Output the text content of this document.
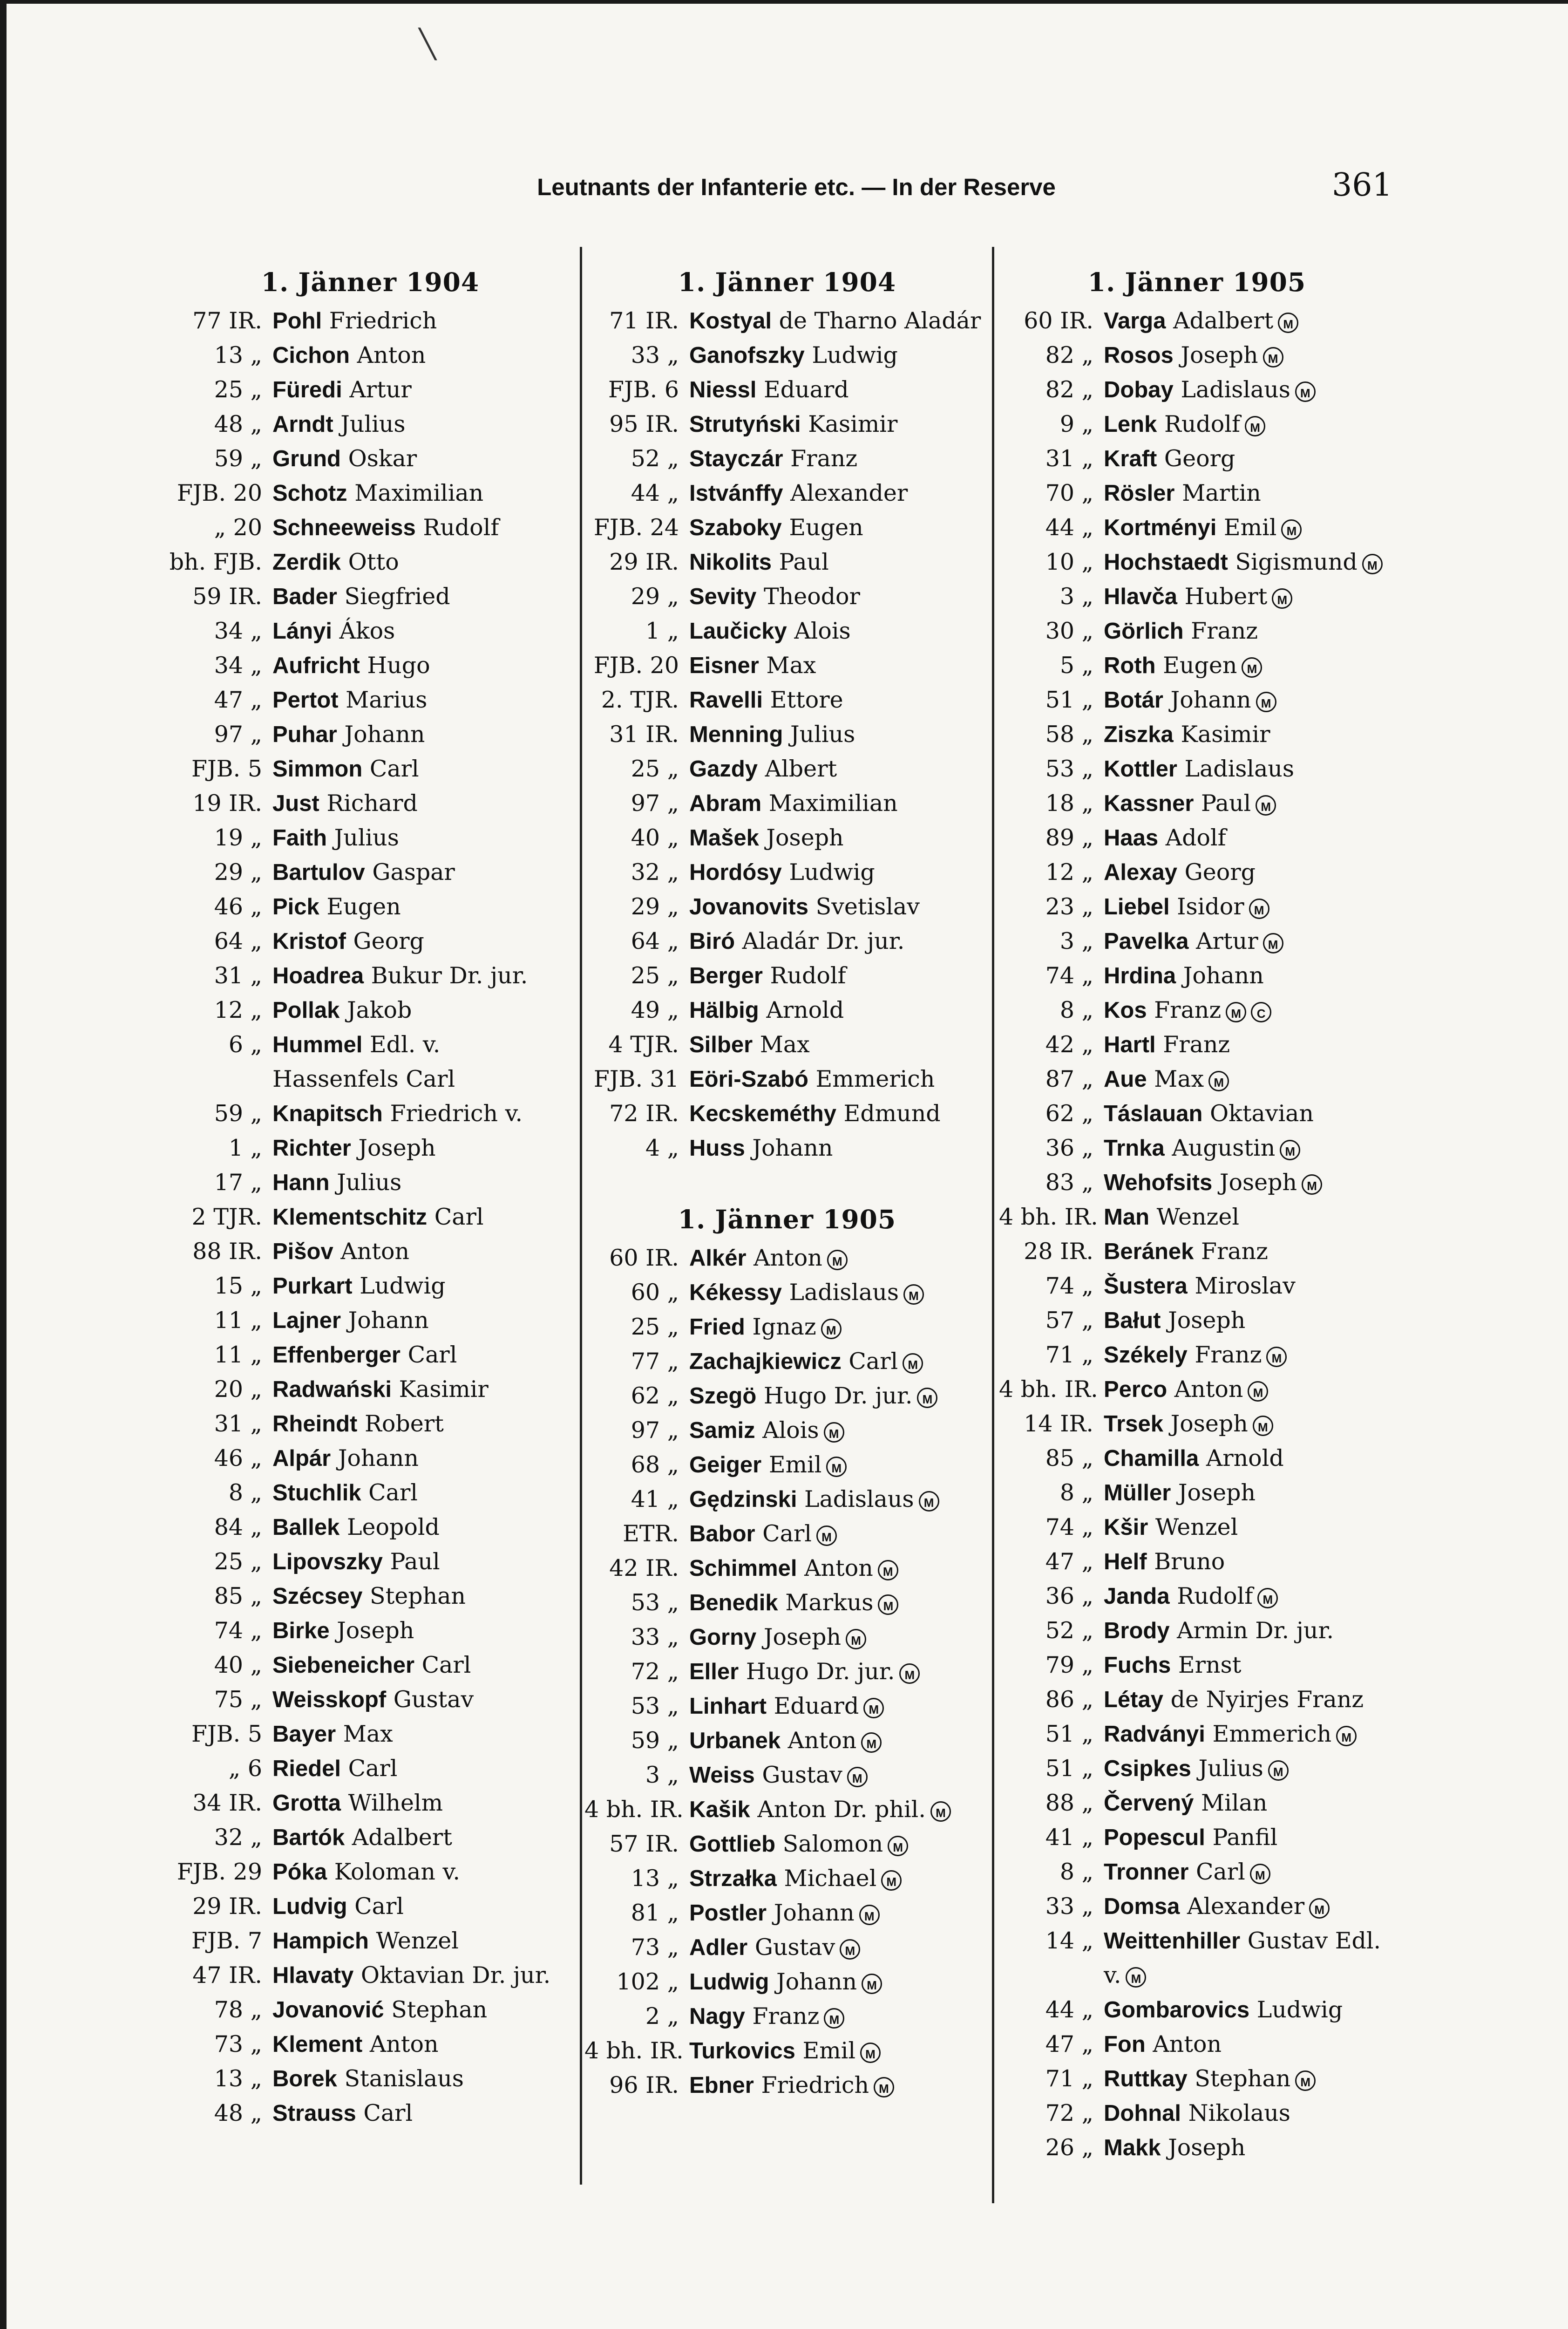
╲
Leutnants der Infanterie etc. — In der Reserve	361
1. Jänner 1904
77 IR. Pohl Friedrich
13 „ Cichon Anton
25 „ Füredi Artur
48 „ Arndt Julius
59 „ Grund Oskar
FJB. 20 Schotz Maximilian
„ 20 Schneeweiss Rudolf
bh. FJB. Zerdik Otto
59 IR. Bader Siegfried
34 „ Lányi Ákos
34 „ Aufricht Hugo
47 „ Pertot Marius
97 „ Puhar Johann
FJB. 5 Simmon Carl
19 IR. Just Richard
19 „ Faith Julius
29 „ Bartulov Gaspar
46 „ Pick Eugen
64 „ Kristof Georg
31 „ Hoadrea Bukur Dr. jur.
12 „ Pollak Jakob
6 „ Hummel Edl. v. Hassenfels Carl
59 „ Knapitsch Friedrich v.
1 „ Richter Joseph
17 „ Hann Julius
2 TJR. Klementschitz Carl
88 IR. Pišov Anton
15 „ Purkart Ludwig
11 „ Lajner Johann
11 „ Effenberger Carl
20 „ Radwański Kasimir
31 „ Rheindt Robert
46 „ Alpár Johann
8 „ Stuchlik Carl
84 „ Ballek Leopold
25 „ Lipovszky Paul
85 „ Szécsey Stephan
74 „ Birke Joseph
40 „ Siebeneicher Carl
75 „ Weisskopf Gustav
FJB. 5 Bayer Max
„ 6 Riedel Carl
34 IR. Grotta Wilhelm
32 „ Bartók Adalbert
FJB. 29 Póka Koloman v.
29 IR. Ludvig Carl
FJB. 7 Hampich Wenzel
47 IR. Hlavaty Oktavian Dr. jur.
78 „ Jovanović Stephan
73 „ Klement Anton
13 „ Borek Stanislaus
48 „ Strauss Carl
1. Jänner 1904
71 IR. Kostyal de Tharno Aladár
33 „ Ganofszky Ludwig
FJB. 6 Niessl Eduard
95 IR. Strutyński Kasimir
52 „ Stayczár Franz
44 „ Istvánffy Alexander
FJB. 24 Szaboky Eugen
29 IR. Nikolits Paul
29 „ Sevity Theodor
1 „ Laučicky Alois
FJB. 20 Eisner Max
2. TJR. Ravelli Ettore
31 IR. Menning Julius
25 „ Gazdy Albert
97 „ Abram Maximilian
40 „ Mašek Joseph
32 „ Hordósy Ludwig
29 „ Jovanovits Svetislav
64 „ Biró Aladár Dr. jur.
25 „ Berger Rudolf
49 „ Hälbig Arnold
4 TJR. Silber Max
FJB. 31 Eöri-Szabó Emmerich
72 IR. Kecskeméthy Edmund
4 „ Huss Johann
1. Jänner 1905
60 IR. Alkér Anton M
60 „ Kékessy Ladislaus M
25 „ Fried Ignaz M
77 „ Zachajkiewicz Carl M
62 „ Szegö Hugo Dr. jur. M
97 „ Samiz Alois M
68 „ Geiger Emil M
41 „ Gędzinski Ladislaus M
ETR. Babor Carl M
42 IR. Schimmel Anton M
53 „ Benedik Markus M
33 „ Gorny Joseph M
72 „ Eller Hugo Dr. jur. M
53 „ Linhart Eduard M
59 „ Urbanek Anton M
3 „ Weiss Gustav M
4 bh. IR. Kašik Anton Dr. phil. M
57 IR. Gottlieb Salomon M
13 „ Strzałka Michael M
81 „ Postler Johann M
73 „ Adler Gustav M
102 „ Ludwig Johann M
2 „ Nagy Franz M
4 bh. IR. Turkovics Emil M
96 IR. Ebner Friedrich M
1. Jänner 1905
60 IR. Varga Adalbert M
82 „ Rosos Joseph M
82 „ Dobay Ladislaus M
9 „ Lenk Rudolf M
31 „ Kraft Georg
70 „ Rösler Martin
44 „ Kortményi Emil M
10 „ Hochstaedt Sigismund M
3 „ Hlavča Hubert M
30 „ Görlich Franz
5 „ Roth Eugen M
51 „ Botár Johann M
58 „ Ziszka Kasimir
53 „ Kottler Ladislaus
18 „ Kassner Paul M
89 „ Haas Adolf
12 „ Alexay Georg
23 „ Liebel Isidor M
3 „ Pavelka Artur M
74 „ Hrdina Johann
8 „ Kos Franz M C
42 „ Hartl Franz
87 „ Aue Max M
62 „ Táslauan Oktavian
36 „ Trnka Augustin M
83 „ Wehofsits Joseph M
4 bh. IR. Man Wenzel
28 IR. Beránek Franz
74 „ Šustera Miroslav
57 „ Bałut Joseph
71 „ Székely Franz M
4 bh. IR. Perco Anton M
14 IR. Trsek Joseph M
85 „ Chamilla Arnold
8 „ Müller Joseph
74 „ Kšir Wenzel
47 „ Helf Bruno
36 „ Janda Rudolf M
52 „ Brody Armin Dr. jur.
79 „ Fuchs Ernst
86 „ Létay de Nyirjes Franz
51 „ Radványi Emmerich M
51 „ Csipkes Julius M
88 „ Červený Milan
41 „ Popescul Panfil
8 „ Tronner Carl M
33 „ Domsa Alexander M
14 „ Weittenhiller Gustav Edl. v. M
44 „ Gombarovics Ludwig
47 „ Fon Anton
71 „ Ruttkay Stephan M
72 „ Dohnal Nikolaus
26 „ Makk Joseph
